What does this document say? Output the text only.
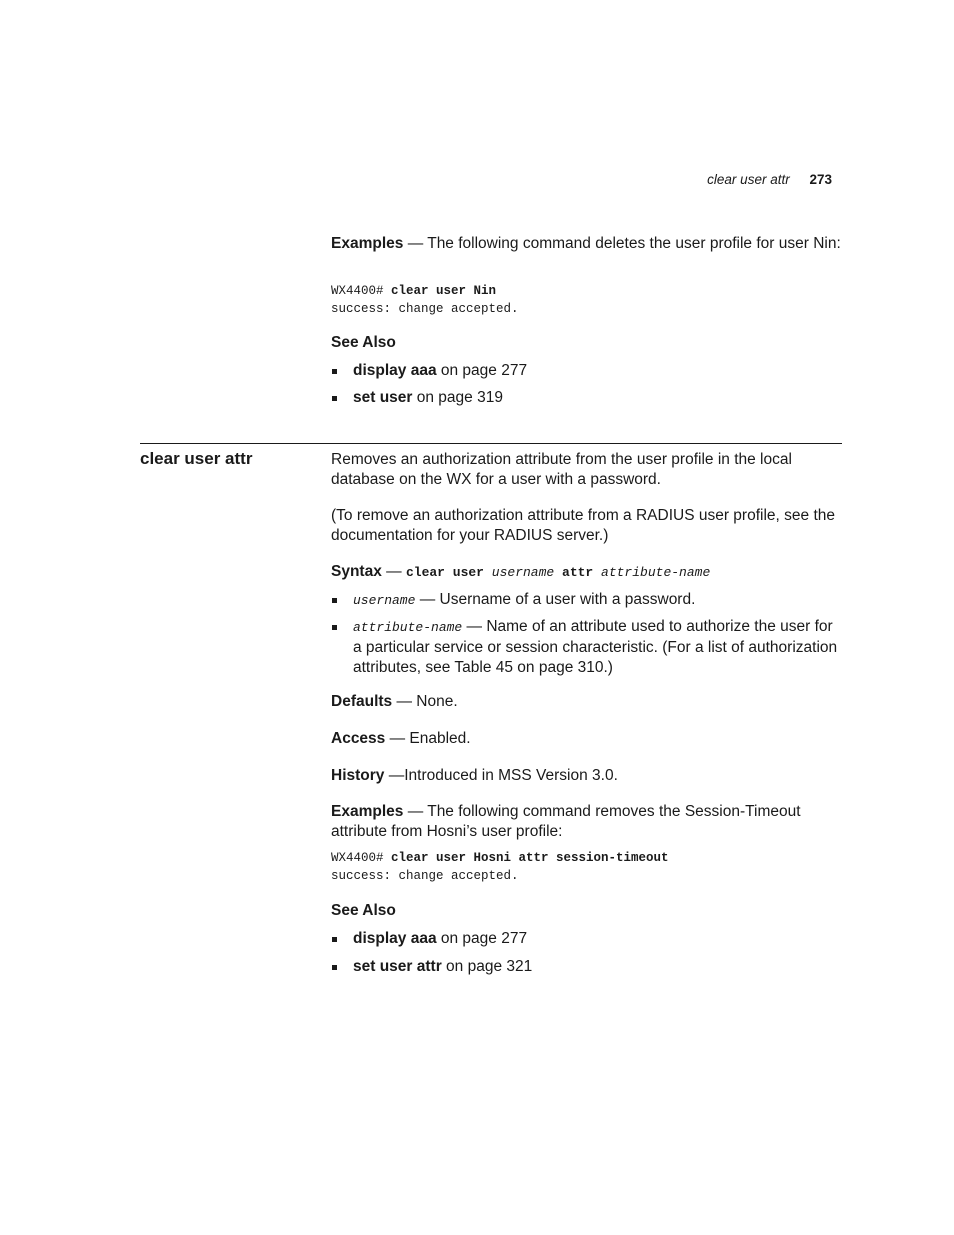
clear user attr 273
Examples — The following command deletes the user profile for user Nin:
WX4400# clear user Nin
success: change accepted.
See Also
display aaa on page 277
set user on page 319
clear user attr	Removes an authorization attribute from the user profile in the local database on the WX for a user with a password.
(To remove an authorization attribute from a RADIUS user profile, see the documentation for your RADIUS server.)
Syntax — clear user username attr attribute-name
username — Username of a user with a password.
attribute-name — Name of an attribute used to authorize the user for a particular service or session characteristic. (For a list of authorization attributes, see Table 45 on page 310.)
Defaults — None.
Access — Enabled.
History —Introduced in MSS Version 3.0.
Examples — The following command removes the Session-Timeout attribute from Hosni’s user profile:
WX4400# clear user Hosni attr session-timeout
success: change accepted.
See Also
display aaa on page 277
set user attr on page 321
